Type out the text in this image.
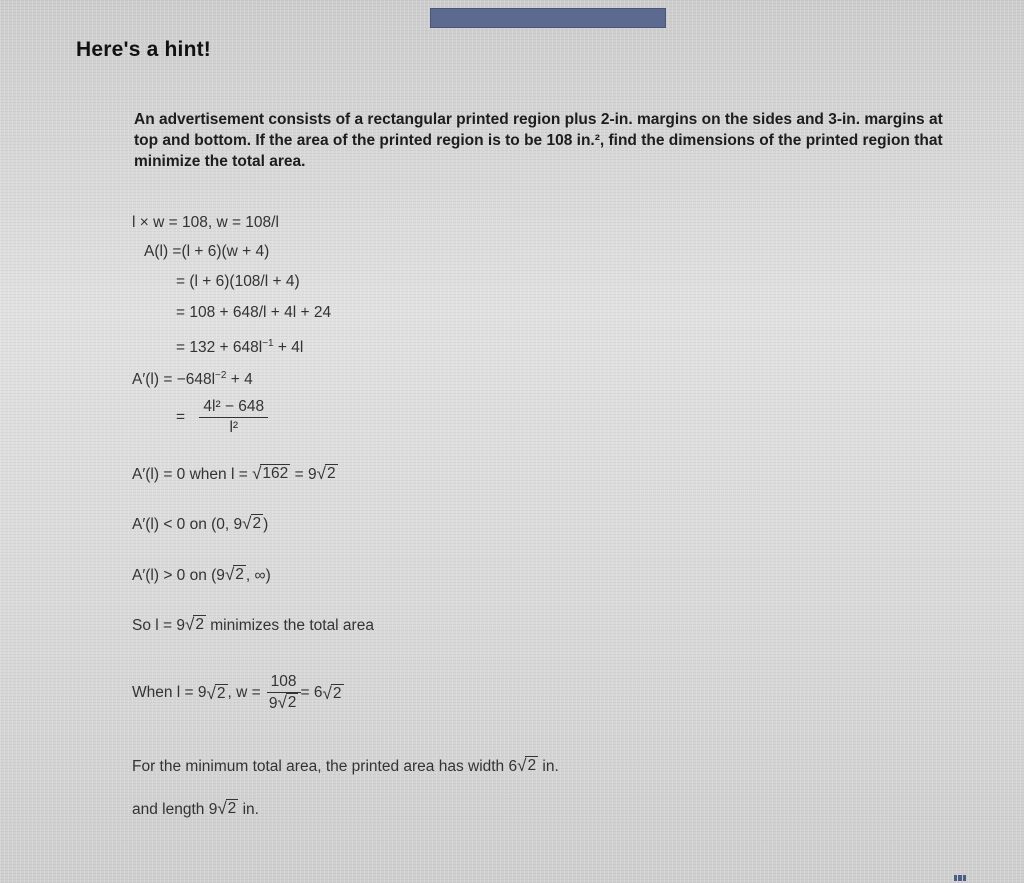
Here's a hint!
An advertisement consists of a rectangular printed region plus 2-in. margins on the sides and 3-in. margins at top and bottom. If the area of the printed region is to be 108 in.², find the dimensions of the printed region that minimize the total area.
l × w = 108, w = 108/l
A(l) =(l + 6)(w + 4)
= (l + 6)(108/l + 4)
= 108 + 648/l + 4l + 24
= $132 + 648l^{-1} + 4l$
$A'(l) = -648l^{-2} + 4$
= $\frac{\text{4l² − 648}}{\text{l²}}$
A′(l) = 0 when l = √ 162 = 9 √ 2
A′(l) < 0 on (0, 9 √ 2 )
A′(l) > 0 on (9 √ 2 , ∞)
So l = 9 √ 2 minimizes the total area
When l = 9 √ 2 , $w = \frac{108}{9 √ 2} = 6$ √ 2
For the minimum total area, the printed area has width 6 √ 2 in.
and length 9 √ 2 in.
